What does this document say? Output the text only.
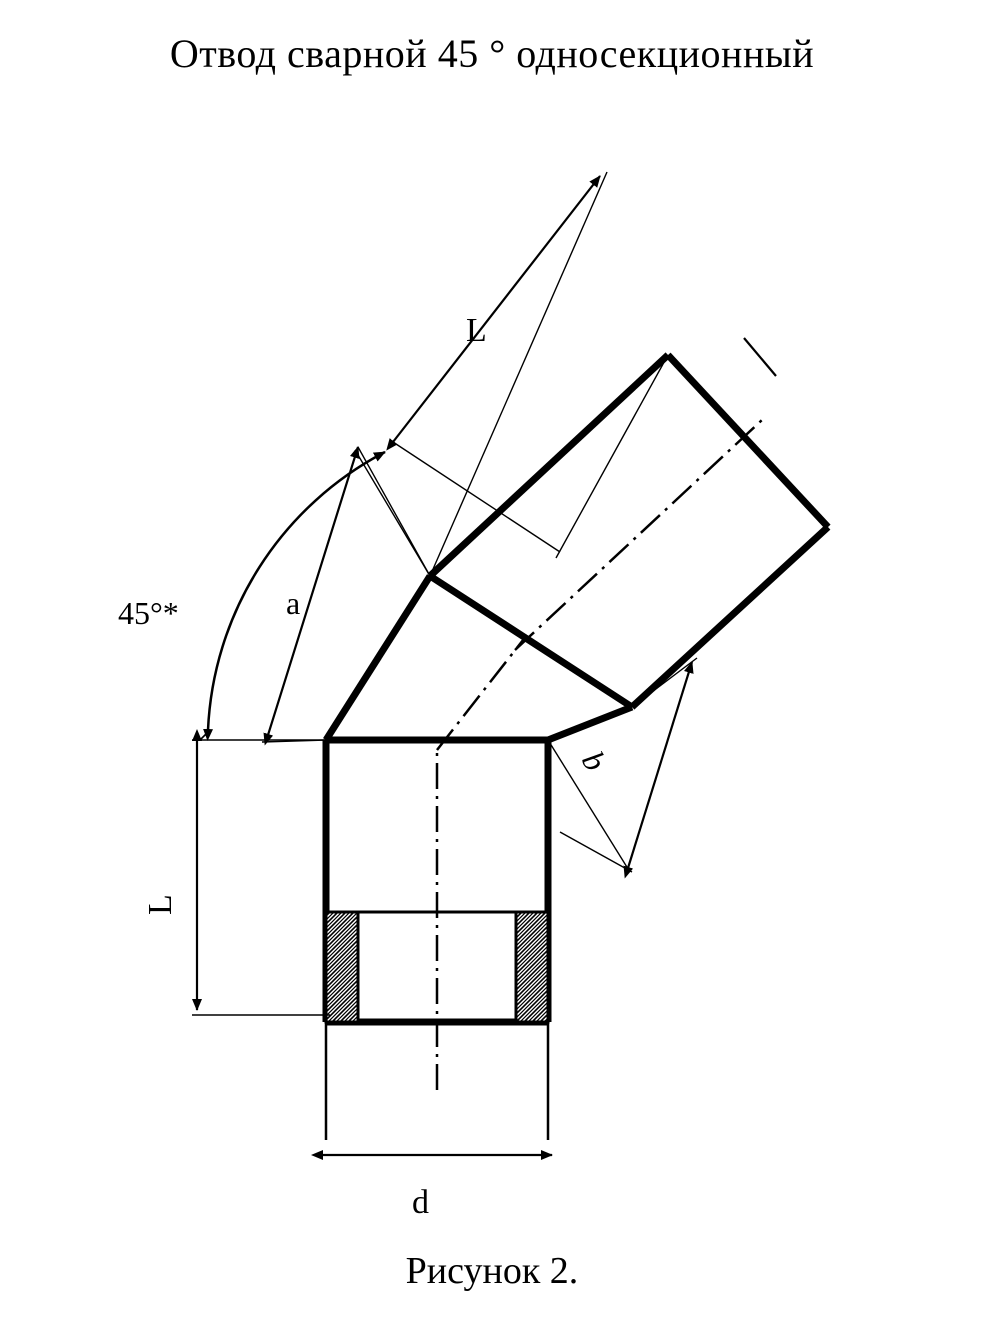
Отвод сварной 45 ° односекционный
L
a
45°*
L
b
d
Рисунок 2.
